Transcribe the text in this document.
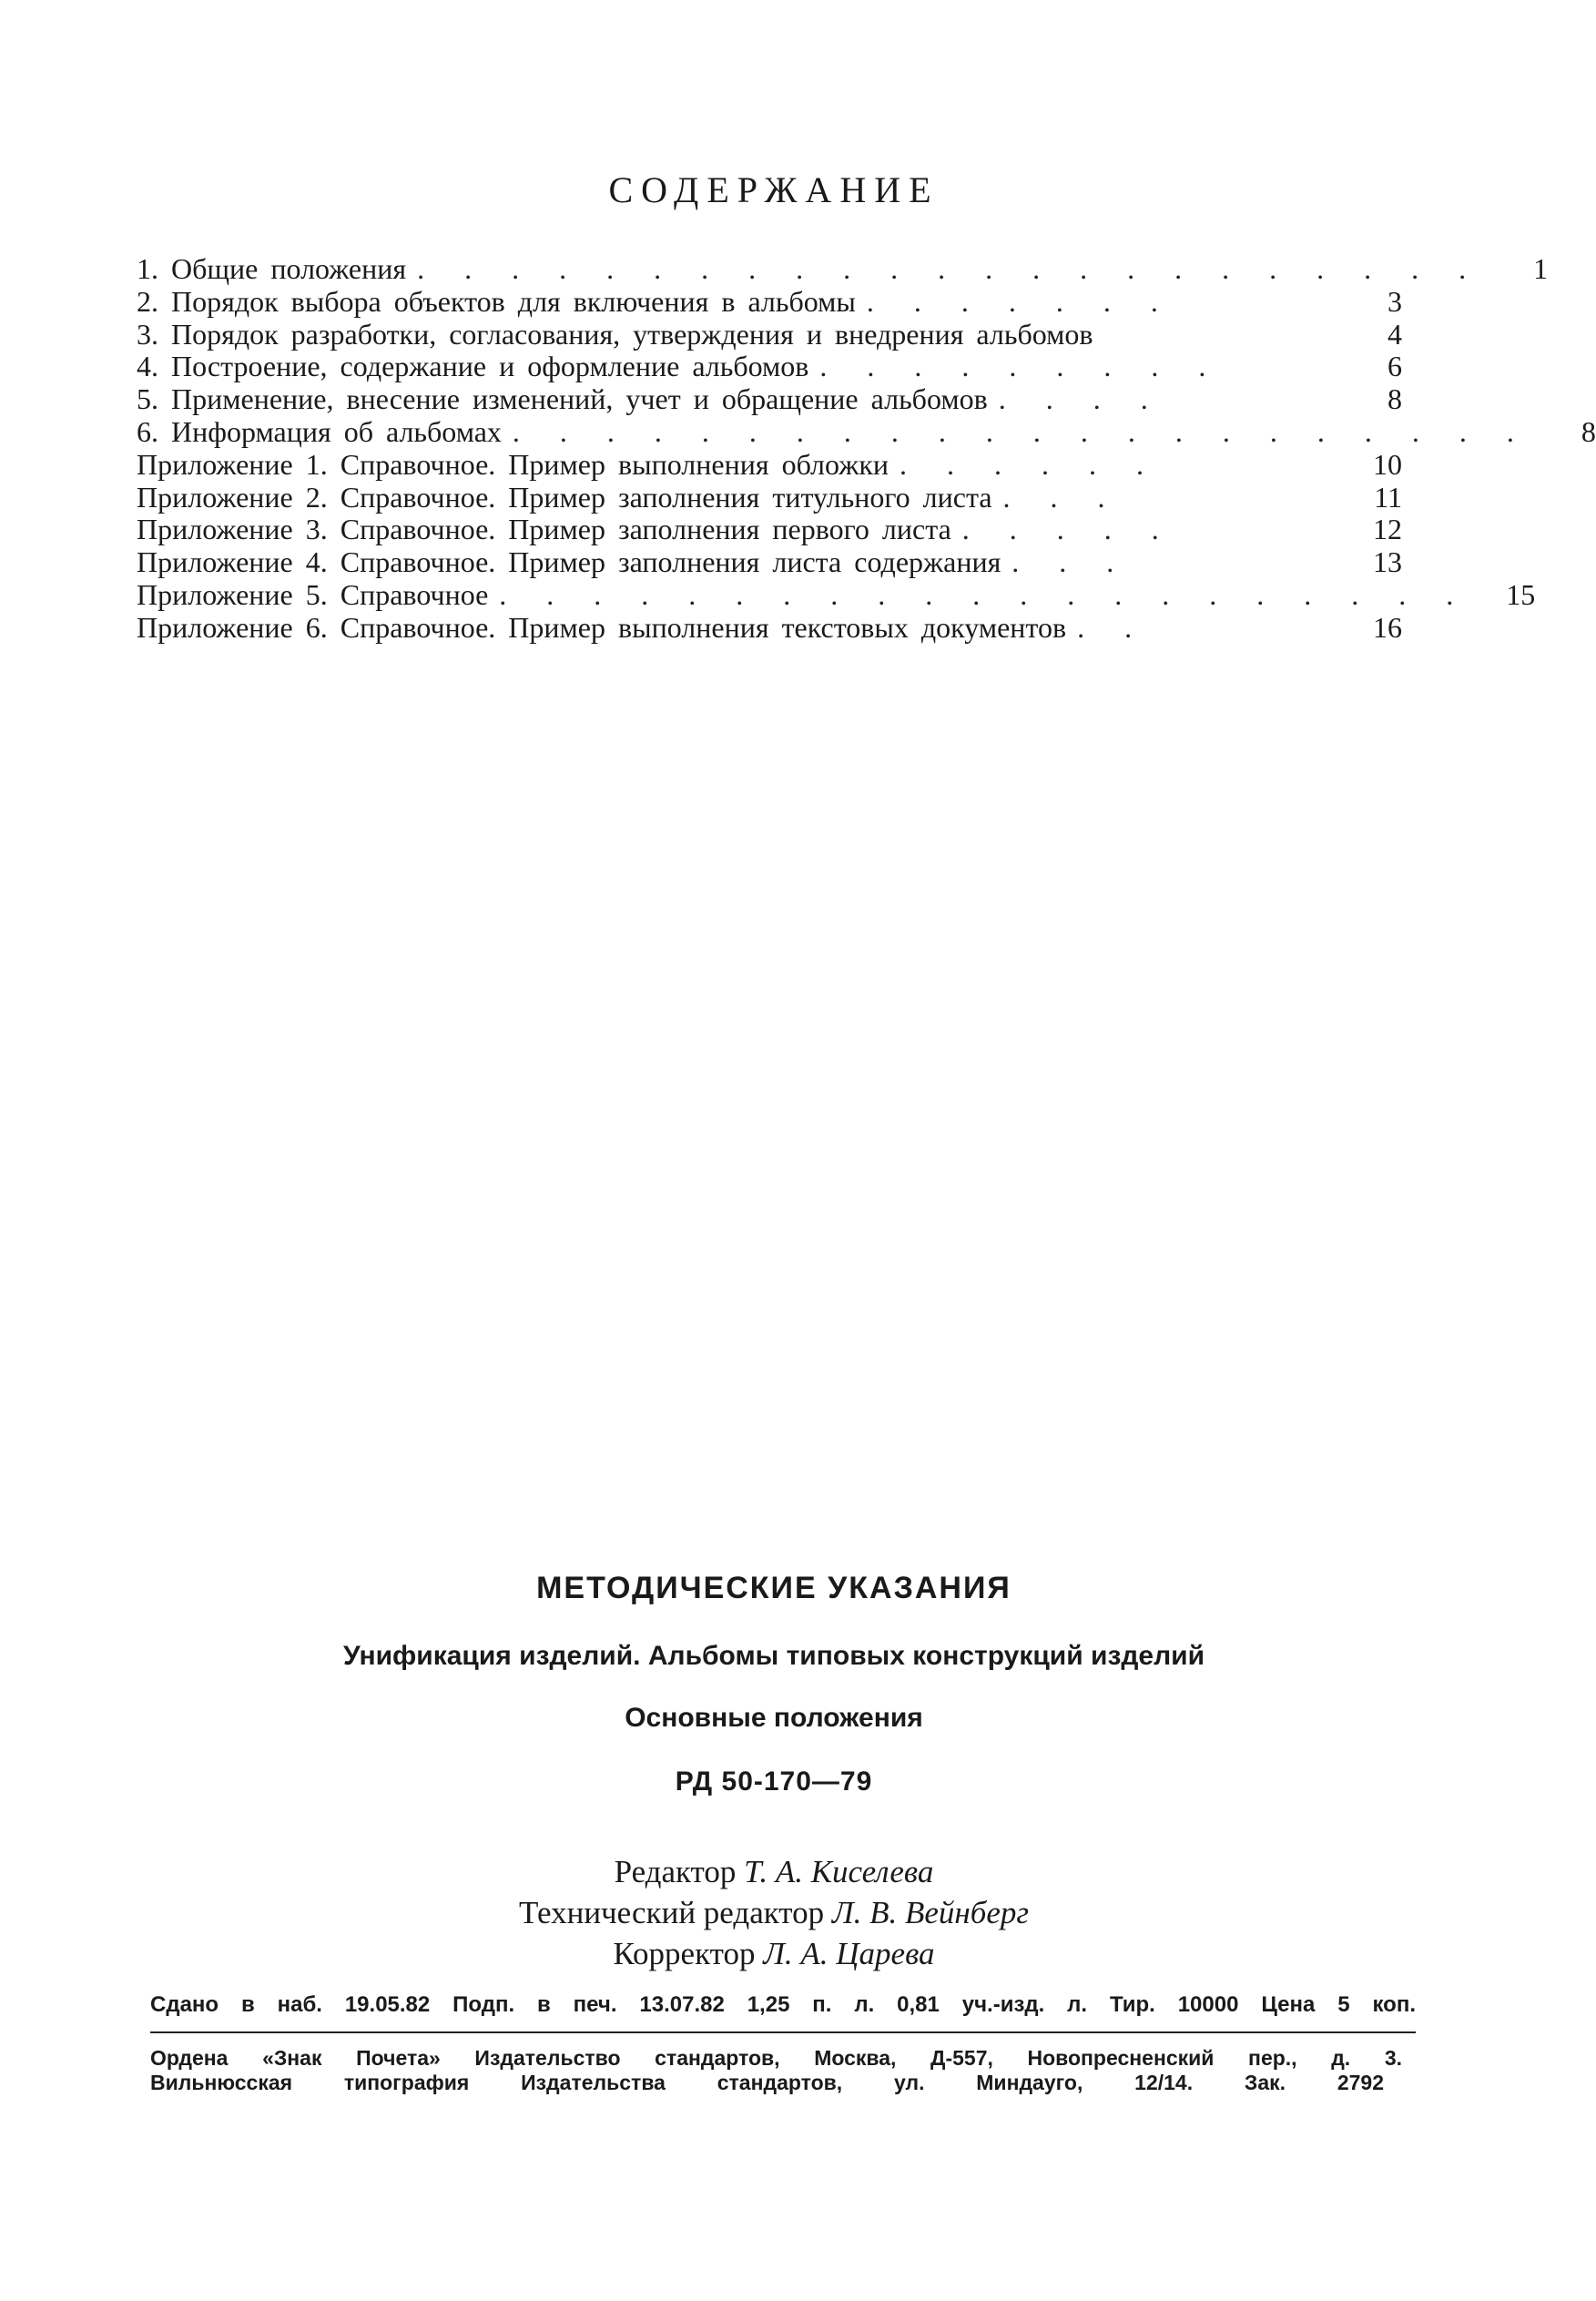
СОДЕРЖАНИЕ
1. Общие положения . . . . . . . . . . . . . . . . . . . . . . .	1
2. Порядок выбора объектов для включения в альбомы . . . . . . .	3
3. Порядок разработки, согласования, утверждения и внедрения альбомов	4
4. Построение, содержание и оформление альбомов . . . . . . . . .	6
5. Применение, внесение изменений, учет и обращение альбомов . . . .	8
6. Информация об альбомах . . . . . . . . . . . . . . . . . . . . . .	8
Приложение 1. Справочное. Пример выполнения обложки . . . . . .	10
Приложение 2. Справочное. Пример заполнения титульного листа . . .	11
Приложение 3. Справочное. Пример заполнения первого листа . . . . .	12
Приложение 4. Справочное. Пример заполнения листа содержания . . .	13
Приложение 5. Справочное . . . . . . . . . . . . . . . . . . . . .	15
Приложение 6. Справочное. Пример выполнения текстовых документов . .	16
МЕТОДИЧЕСКИЕ УКАЗАНИЯ
Унификация изделий. Альбомы типовых конструкций изделий
Основные положения
РД 50-170—79
Редактор Т. А. Киселева
Технический редактор Л. В. Вейнберг
Корректор Л. А. Царева
Сдано в наб. 19.05.82 Подп. в печ. 13.07.82 1,25 п. л. 0,81 уч.-изд. л. Тир. 10000 Цена 5 коп.
Ордена «Знак Почета» Издательство стандартов, Москва, Д-557, Новопресненский пер., д. 3.
Вильнюсская типография Издательства стандартов, ул. Миндауго, 12/14. Зак. 2792
